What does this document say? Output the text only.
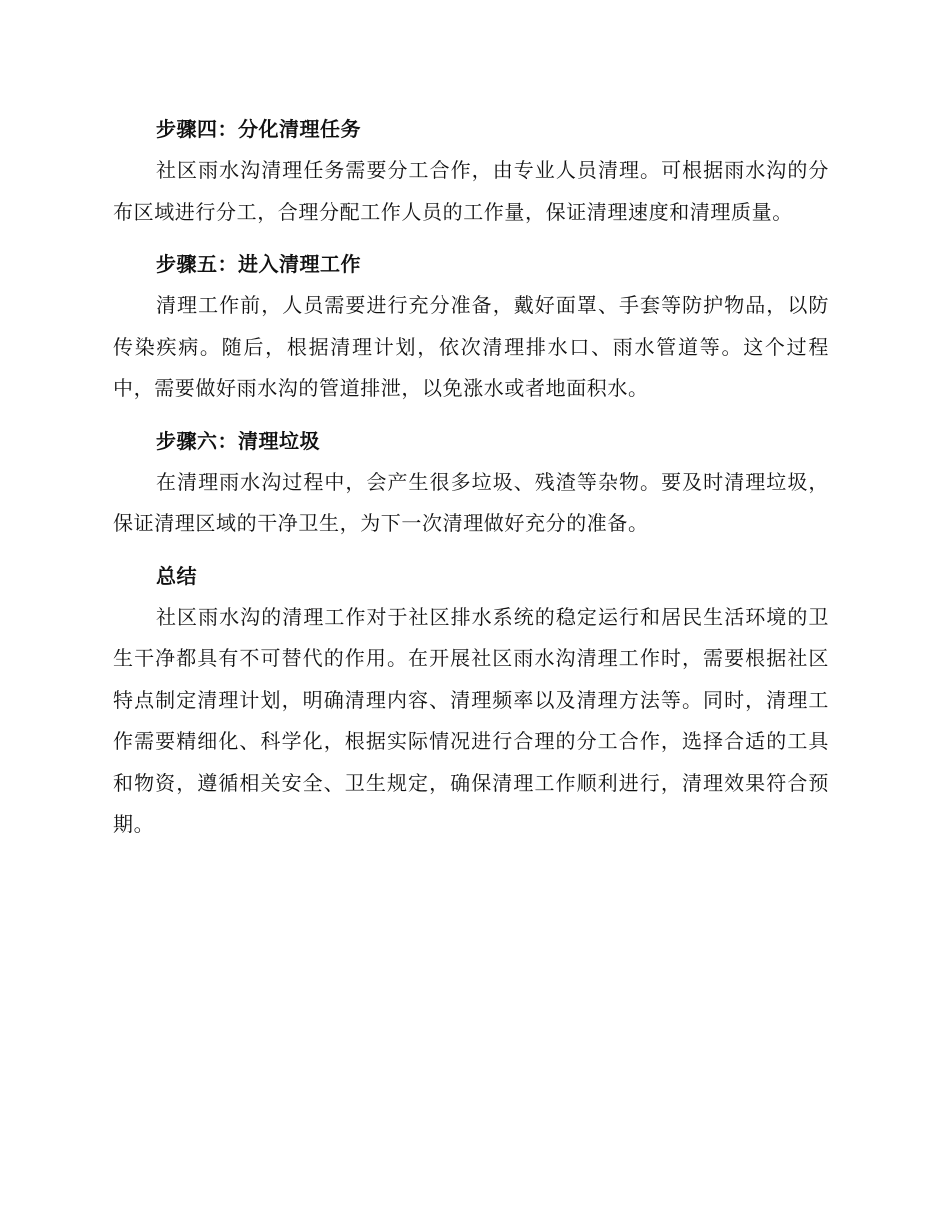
步骤四：分化清理任务

社区雨水沟清理任务需要分工合作，由专业人员清理。可根据雨水沟的分布区域进行分工，合理分配工作人员的工作量，保证清理速度和清理质量。

步骤五：进入清理工作

清理工作前，人员需要进行充分准备，戴好面罩、手套等防护物品，以防传染疾病。随后，根据清理计划，依次清理排水口、雨水管道等。这个过程中，需要做好雨水沟的管道排泄，以免涨水或者地面积水。

步骤六：清理垃圾

在清理雨水沟过程中，会产生很多垃圾、残渣等杂物。要及时清理垃圾，保证清理区域的干净卫生，为下一次清理做好充分的准备。

总结

社区雨水沟的清理工作对于社区排水系统的稳定运行和居民生活环境的卫生干净都具有不可替代的作用。在开展社区雨水沟清理工作时，需要根据社区特点制定清理计划，明确清理内容、清理频率以及清理方法等。同时，清理工作需要精细化、科学化，根据实际情况进行合理的分工合作，选择合适的工具和物资，遵循相关安全、卫生规定，确保清理工作顺利进行，清理效果符合预期。
